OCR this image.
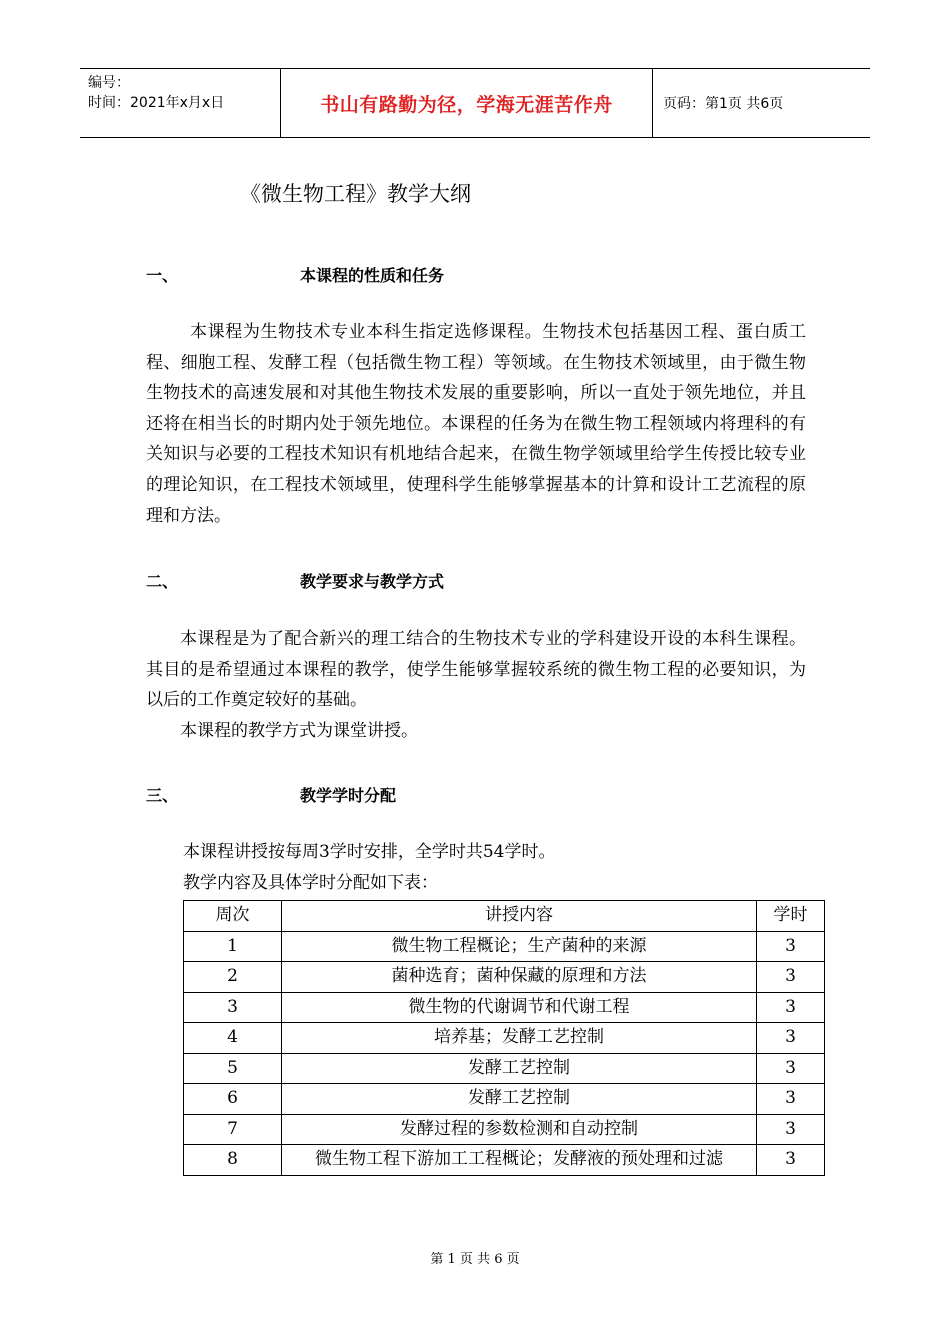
编号：
时间：2021年x月x日	书山有路勤为径，学海无涯苦作舟	页码：第1页 共6页
《微生物工程》教学大纲
一、	本课程的性质和任务
本课程为生物技术专业本科生指定选修课程。生物技术包括基因工程、蛋白质工程、细胞工程、发酵工程（包括微生物工程）等领域。在生物技术领域里，由于微生物生物技术的高速发展和对其他生物技术发展的重要影响，所以一直处于领先地位，并且还将在相当长的时期内处于领先地位。本课程的任务为在微生物工程领域内将理科的有关知识与必要的工程技术知识有机地结合起来，在微生物学领域里给学生传授比较专业的理论知识，在工程技术领域里，使理科学生能够掌握基本的计算和设计工艺流程的原理和方法。
二、	教学要求与教学方式
本课程是为了配合新兴的理工结合的生物技术专业的学科建设开设的本科生课程。其目的是希望通过本课程的教学，使学生能够掌握较系统的微生物工程的必要知识，为以后的工作奠定较好的基础。
本课程的教学方式为课堂讲授。
三、	教学学时分配
本课程讲授按每周3学时安排，全学时共54学时。
教学内容及具体学时分配如下表：
周次	讲授内容	学时
1	微生物工程概论；生产菌种的来源	3
2	菌种选育；菌种保藏的原理和方法	3
3	微生物的代谢调节和代谢工程	3
4	培养基；发酵工艺控制	3
5	发酵工艺控制	3
6	发酵工艺控制	3
7	发酵过程的参数检测和自动控制	3
8	微生物工程下游加工工程概论；发酵液的预处理和过滤	3
第 1 页 共 6 页
